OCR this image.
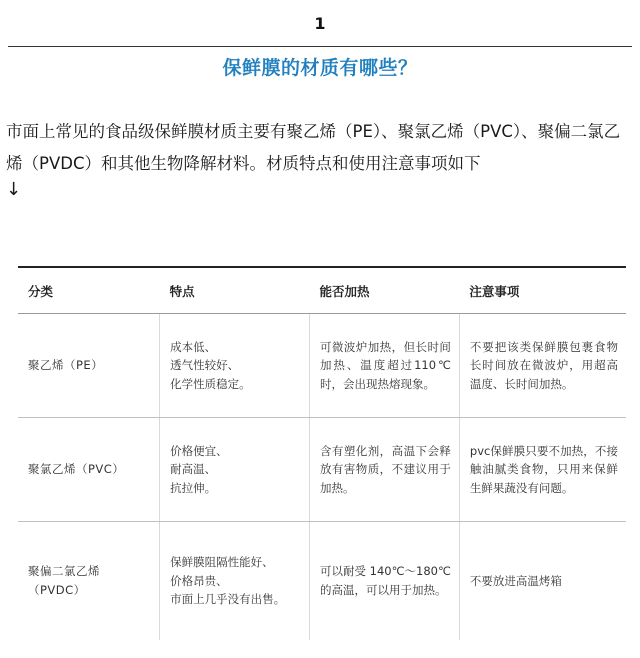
1
保鲜膜的材质有哪些？

市面上常见的食品级保鲜膜材质主要有聚乙烯（PE）、聚氯乙烯（PVC）、聚偏二氯乙烯（PVDC）和其他生物降解材料。材质特点和使用注意事项如下
↓

分类	特点	能否加热	注意事项
聚乙烯（PE）	成本低、
透气性较好、
化学性质稳定。	可微波炉加热，但长时间加热、温度超过110℃时，会出现热熔现象。	不要把该类保鲜膜包裹食物长时间放在微波炉，用超高温度、长时间加热。
聚氯乙烯（PVC）	价格便宜、
耐高温、
抗拉伸。	含有塑化剂，高温下会释放有害物质，不建议用于加热。	pvc保鲜膜只要不加热，不接触油腻类食物，只用来保鲜生鲜果蔬没有问题。
聚偏二氯乙烯（PVDC）	保鲜膜阻隔性能好、
价格昂贵、
市面上几乎没有出售。	可以耐受 140℃～180℃的高温，可以用于加热。	不要放进高温烤箱
